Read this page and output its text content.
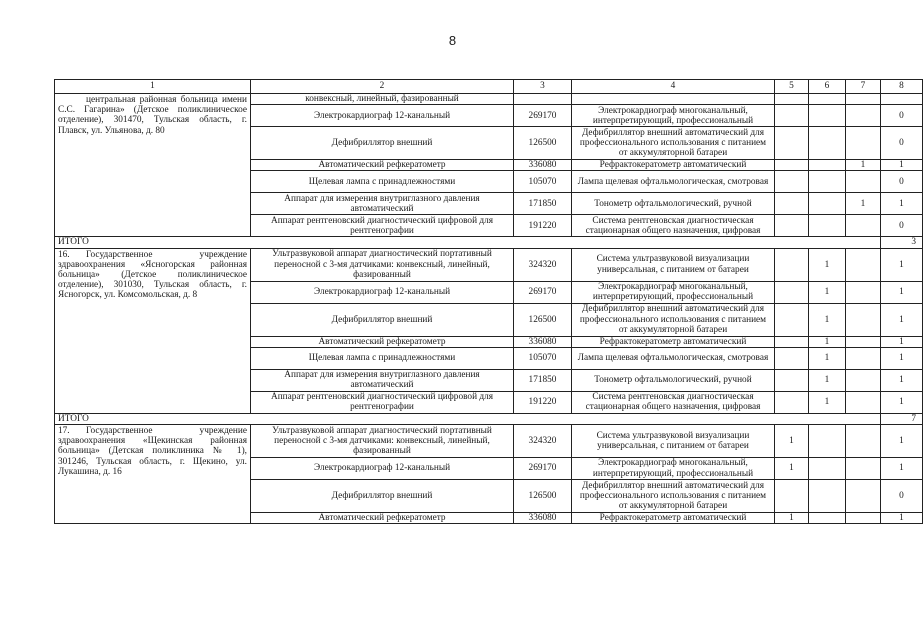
8
1	2	3	4	5	6	7	8
центральная районная больница имени С.С. Гагарина» (Детское поликлиническое отделение), 301470, Тульская область, г. Плавск, ул. Ульянова, д. 80	конвексный, линейный, фазированный						
	Электрокардиограф 12-канальный	269170	Электрокардиограф многоканальный, интерпретирующий, профессиональный				0
	Дефибриллятор внешний	126500	Дефибриллятор внешний автоматический для профессионального использования с питанием от аккумуляторной батареи				0
	Автоматический рефкератометр	336080	Рефрактокератометр автоматический			1	1
	Щелевая лампа с принадлежностями	105070	Лампа щелевая офтальмологическая, смотровая				0
	Аппарат для измерения внутриглазного давления автоматический	171850	Тонометр офтальмологический, ручной			1	1
	Аппарат рентгеновский диагностический цифровой для рентгенографии	191220	Система рентгеновская диагностическая стационарная общего назначения, цифровая				0
ИТОГО							3
16. Государственное учреждение здравоохранения «Ясногорская районная больница» (Детское поликлиническое отделение), 301030, Тульская область, г. Ясногорск, ул. Комсомольская, д. 8	Ультразвуковой аппарат диагностический портативный переносной с 3-мя датчиками: конвексный, линейный, фазированный	324320	Система ультразвуковой визуализации универсальная, с питанием от батареи		1		1
	Электрокардиограф 12-канальный	269170	Электрокардиограф многоканальный, интерпретирующий, профессиональный		1		1
	Дефибриллятор внешний	126500	Дефибриллятор внешний автоматический для профессионального использования с питанием от аккумуляторной батареи		1		1
	Автоматический рефкератометр	336080	Рефрактокератометр автоматический		1		1
	Щелевая лампа с принадлежностями	105070	Лампа щелевая офтальмологическая, смотровая		1		1
	Аппарат для измерения внутриглазного давления автоматический	171850	Тонометр офтальмологический, ручной		1		1
	Аппарат рентгеновский диагностический цифровой для рентгенографии	191220	Система рентгеновская диагностическая стационарная общего назначения, цифровая		1		1
ИТОГО							7
17. Государственное учреждение здравоохранения «Щекинская районная больница» (Детская поликлиника № 1), 301246, Тульская область, г. Щекино, ул. Лукашина, д. 16	Ультразвуковой аппарат диагностический портативный переносной с 3-мя датчиками: конвексный, линейный, фазированный	324320	Система ультразвуковой визуализации универсальная, с питанием от батареи	1			1
	Электрокардиограф 12-канальный	269170	Электрокардиограф многоканальный, интерпретирующий, профессиональный	1			1
	Дефибриллятор внешний	126500	Дефибриллятор внешний автоматический для профессионального использования с питанием от аккумуляторной батареи				0
	Автоматический рефкератометр	336080	Рефрактокератометр автоматический	1			1
